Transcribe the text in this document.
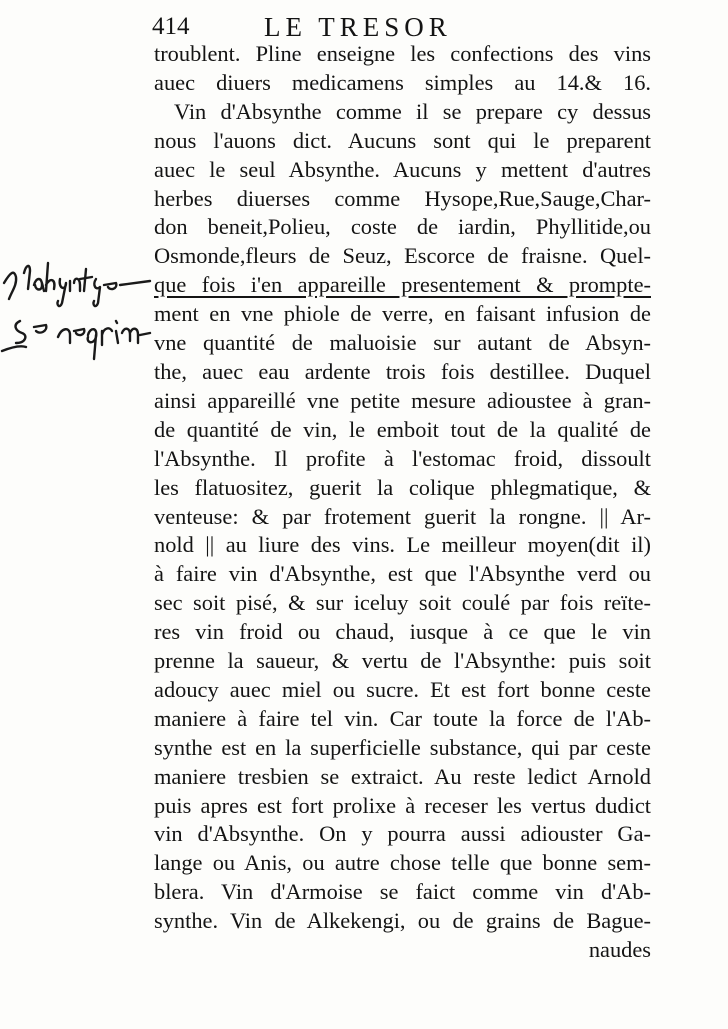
414	LE TRESOR
troublent. Pline enseigne les confections des vins
auec diuers medicamens simples au 14.& 16.
Vin d'Absynthe comme il se prepare cy dessus
nous l'auons dict. Aucuns sont qui le preparent
auec le seul Absynthe. Aucuns y mettent d'autres
herbes diuerses comme Hysope,Rue,Sauge,Char-
don beneit,Polieu, coste de iardin, Phyllitide,ou
Osmonde,fleurs de Seuz, Escorce de fraisne. Quel-
que fois i'en appareille presentement & prompte-
ment en vne phiole de verre, en faisant infusion de
vne quantité de maluoisie sur autant de Absyn-
the, auec eau ardente trois fois destillee. Duquel
ainsi appareillé vne petite mesure adioustee à gran-
de quantité de vin, le emboit tout de la qualité de
l'Absynthe. Il profite à l'estomac froid, dissoult
les flatuositez, guerit la colique phlegmatique, &
venteuse: & par frotement guerit la rongne. || Ar-
nold || au liure des vins. Le meilleur moyen(dit il)
à faire vin d'Absynthe, est que l'Absynthe verd ou
sec soit pisé, & sur iceluy soit coulé par fois reïte-
res vin froid ou chaud, iusque à ce que le vin
prenne la saueur, & vertu de l'Absynthe: puis soit
adoucy auec miel ou sucre. Et est fort bonne ceste
maniere à faire tel vin. Car toute la force de l'Ab-
synthe est en la superficielle substance, qui par ceste
maniere tresbien se extraict. Au reste ledict Arnold
puis apres est fort prolixe à receser les vertus dudict
vin d'Absynthe. On y pourra aussi adiouster Ga-
lange ou Anis, ou autre chose telle que bonne sem-
blera. Vin d'Armoise se faict comme vin d'Ab-
synthe. Vin de Alkekengi, ou de grains de Bague-
naudes
